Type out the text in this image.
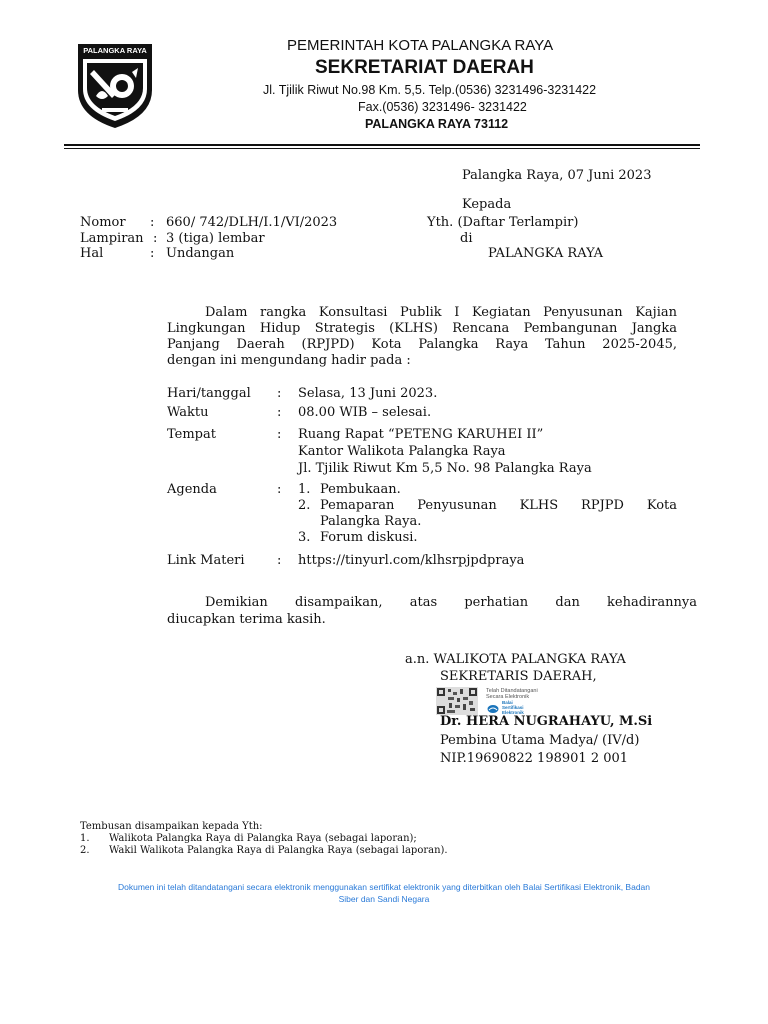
PALANGKA RAYA	PEMERINTAH KOTA PALANGKA RAYA
SEKRETARIAT DAERAH
Jl. Tjilik Riwut No.98 Km. 5,5. Telp.(0536) 3231496-3231422
Fax.(0536) 3231496- 3231422
PALANGKA RAYA 73112
Palangka Raya, 07 Juni 2023
Kepada
Yth. (Daftar Terlampir)
di
PALANGKA RAYA
Nomor : 660/ 742/DLH/I.1/VI/2023
Lampiran : 3 (tiga) lembar
Hal	: Undangan
Dalam rangka Konsultasi Publik I Kegiatan Penyusunan Kajian
Lingkungan Hidup Strategis (KLHS) Rencana Pembangunan Jangka
Panjang Daerah (RPJPD) Kota Palangka Raya Tahun 2025-2045,
dengan ini mengundang hadir pada :
Hari/tanggal : Selasa, 13 Juni 2023.
Waktu	: 08.00 WIB – selesai.
Tempat	: Ruang Rapat “PETENG KARUHEI II”
Kantor Walikota Palangka Raya
Jl. Tjilik Riwut Km 5,5 No. 98 Palangka Raya
Agenda	: 1. Pembukaan.
2. Pemaparan Penyusunan KLHS RPJPD Kota
Palangka Raya.
3. Forum diskusi.
Link Materi : https://tinyurl.com/klhsrpjpdpraya
Demikian disampaikan, atas perhatian dan kehadirannya
diucapkan terima kasih.
a.n. WALIKOTA PALANGKA RAYA
SEKRETARIS DAERAH,
Telah Ditandatangani
Secara Elektronik
Balai
Sertifikasi
Elektronik
Dr. HERA NUGRAHAYU, M.Si
Pembina Utama Madya/ (IV/d)
NIP.19690822 198901 2 001
Tembusan disampaikan kepada Yth:
1. Walikota Palangka Raya di Palangka Raya (sebagai laporan);
2. Wakil Walikota Palangka Raya di Palangka Raya (sebagai laporan).
Dokumen ini telah ditandatangani secara elektronik menggunakan sertifikat elektronik yang diterbitkan oleh Balai Sertifikasi Elektronik, Badan
Siber dan Sandi Negara
